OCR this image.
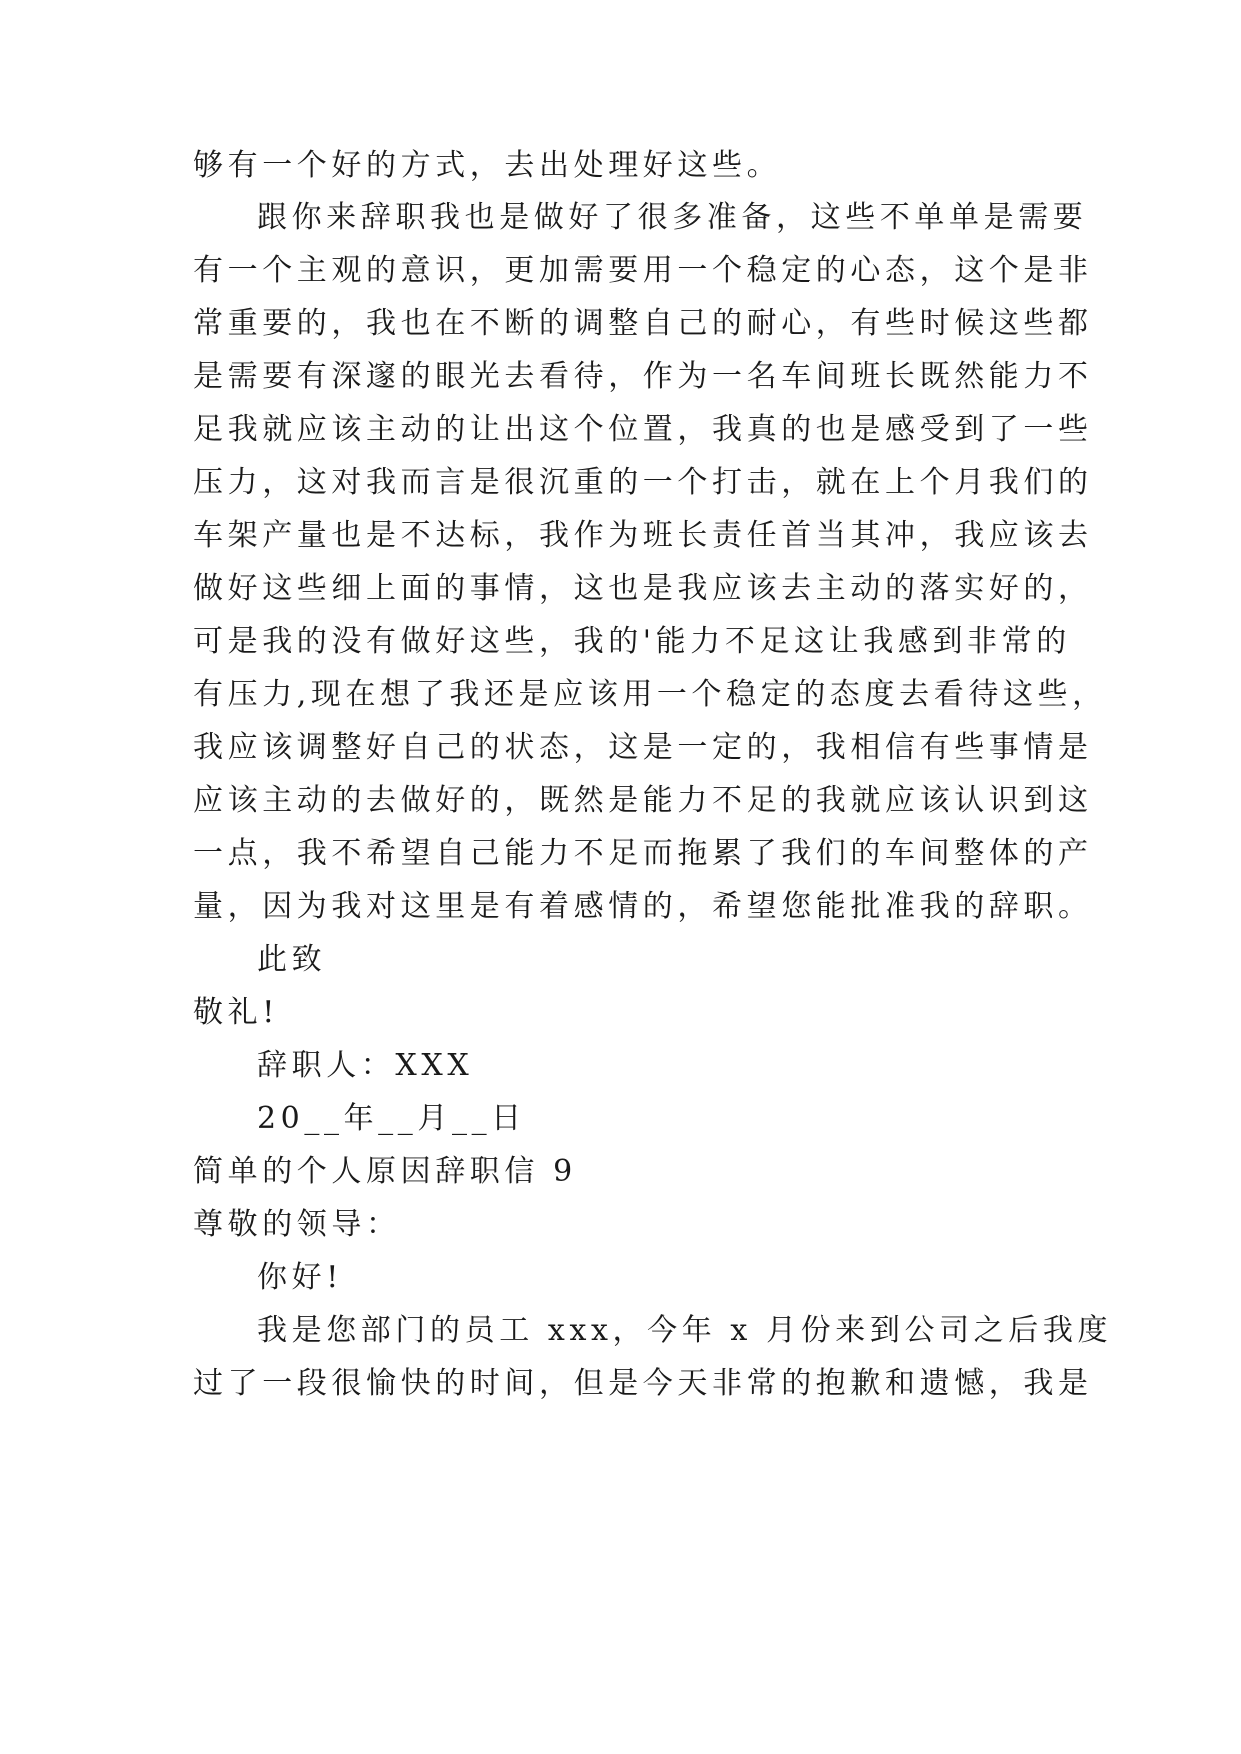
够有一个好的方式，去出处理好这些。
跟你来辞职我也是做好了很多准备，这些不单单是需要
有一个主观的意识，更加需要用一个稳定的心态，这个是非
常重要的，我也在不断的调整自己的耐心，有些时候这些都
是需要有深邃的眼光去看待，作为一名车间班长既然能力不
足我就应该主动的让出这个位置，我真的也是感受到了一些
压力，这对我而言是很沉重的一个打击，就在上个月我们的
车架产量也是不达标，我作为班长责任首当其冲，我应该去
做好这些细上面的事情，这也是我应该去主动的落实好的，
可是我的没有做好这些，我的'能力不足这让我感到非常的
有压力,现在想了我还是应该用一个稳定的态度去看待这些，
我应该调整好自己的状态，这是一定的，我相信有些事情是
应该主动的去做好的，既然是能力不足的我就应该认识到这
一点，我不希望自己能力不足而拖累了我们的车间整体的产
量，因为我对这里是有着感情的，希望您能批准我的辞职。
此致
敬礼!
辞职人：XXX
20__年__月__日
简单的个人原因辞职信 9
尊敬的领导：
你好!
我是您部门的员工 xxx，今年 x 月份来到公司之后我度
过了一段很愉快的时间，但是今天非常的抱歉和遗憾，我是
